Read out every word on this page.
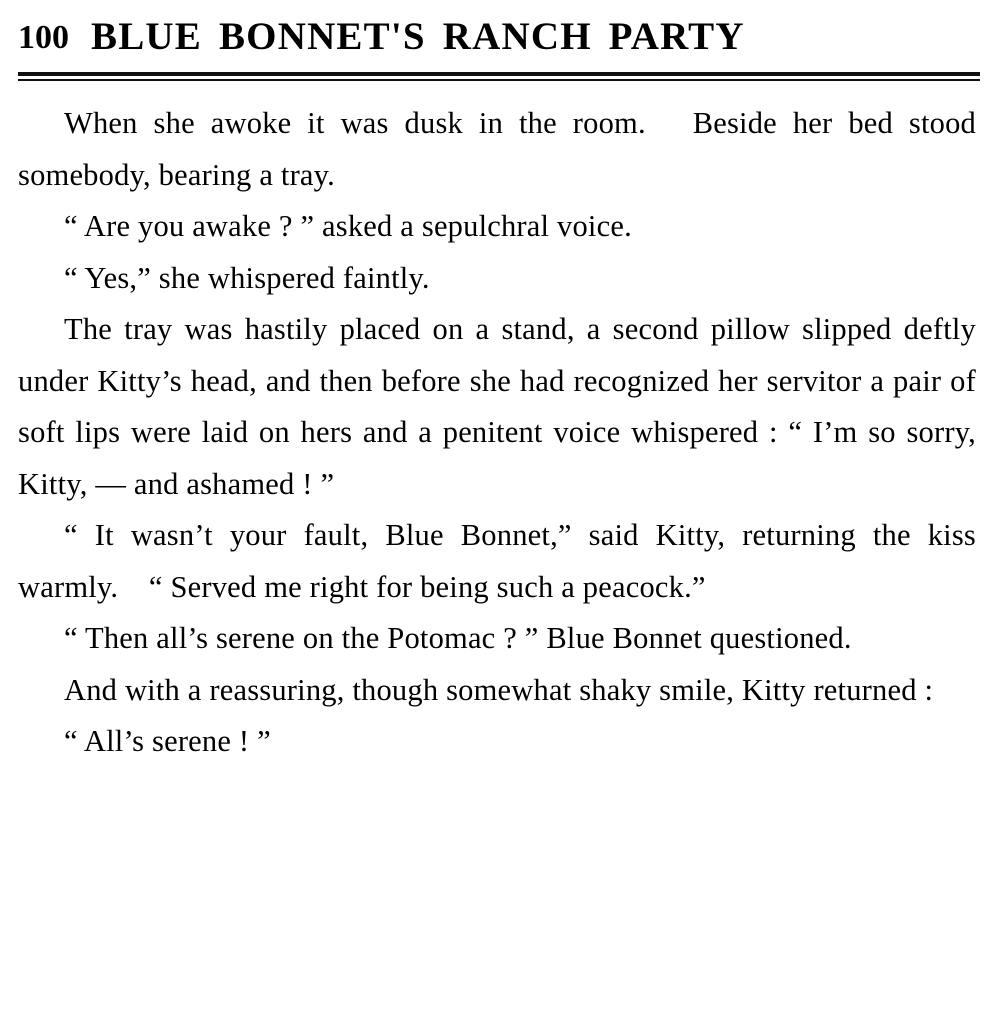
100 BLUE BONNET'S RANCH PARTY

When she awoke it was dusk in the room.　Beside her bed stood somebody, bearing a tray.

“ Are you awake ? ” asked a sepulchral voice.

“ Yes,” she whispered faintly.

The tray was hastily placed on a stand, a second pillow slipped deftly under Kitty’s head, and then before she had recognized her servitor a pair of soft lips were laid on hers and a penitent voice whispered : “ I’m so sorry, Kitty, — and ashamed ! ”

“ It wasn’t your fault, Blue Bonnet,” said Kitty, returning the kiss warmly.　“ Served me right for being such a peacock.”

“ Then all’s serene on the Potomac ? ” Blue Bonnet questioned.

And with a reassuring, though somewhat shaky smile, Kitty returned :

“ All’s serene ! ”
